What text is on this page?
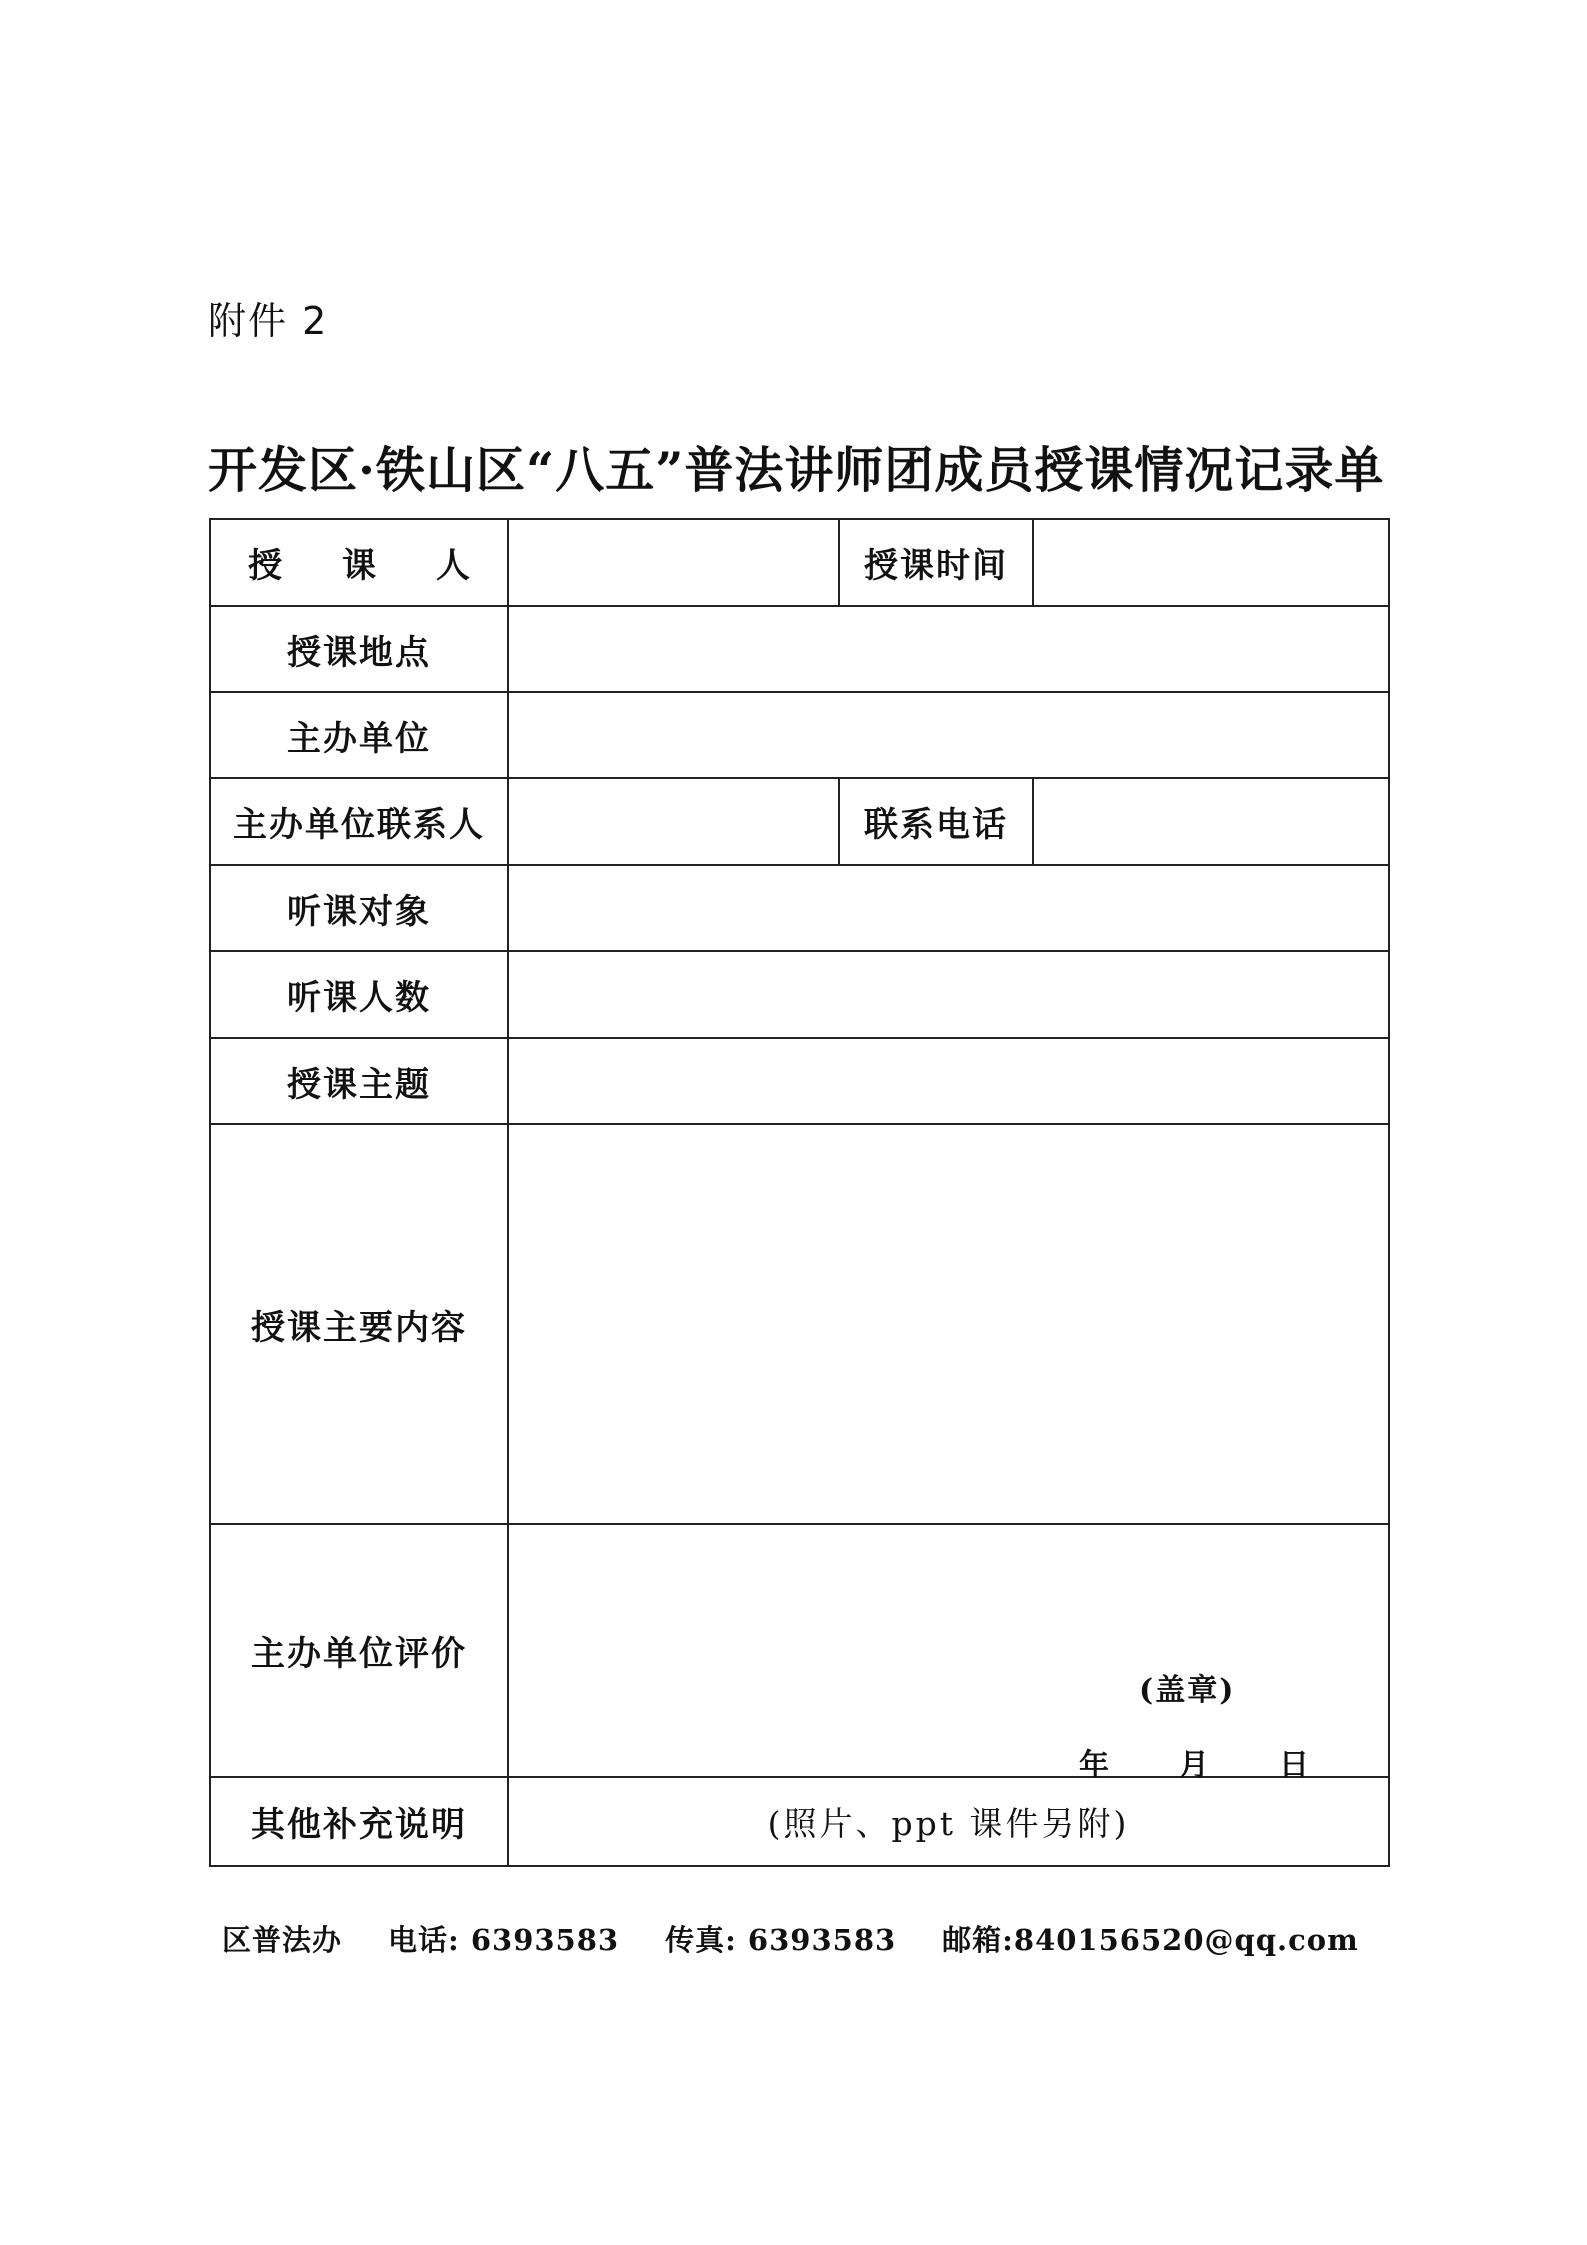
附件 2
开发区·铁山区“八五”普法讲师团成员授课情况记录单
授 课 人		授课时间	
授课地点			
主办单位			
主办单位联系人		联系电话	
听课对象			
听课人数			
授课主题			
授课主要内容			
主办单位评价	(盖章)
年 月 日		

其他补充说明	(照片、ppt 课件另附)		
区普法办 电话: 6393583 传真: 6393583 邮箱:840156520@qq.com
